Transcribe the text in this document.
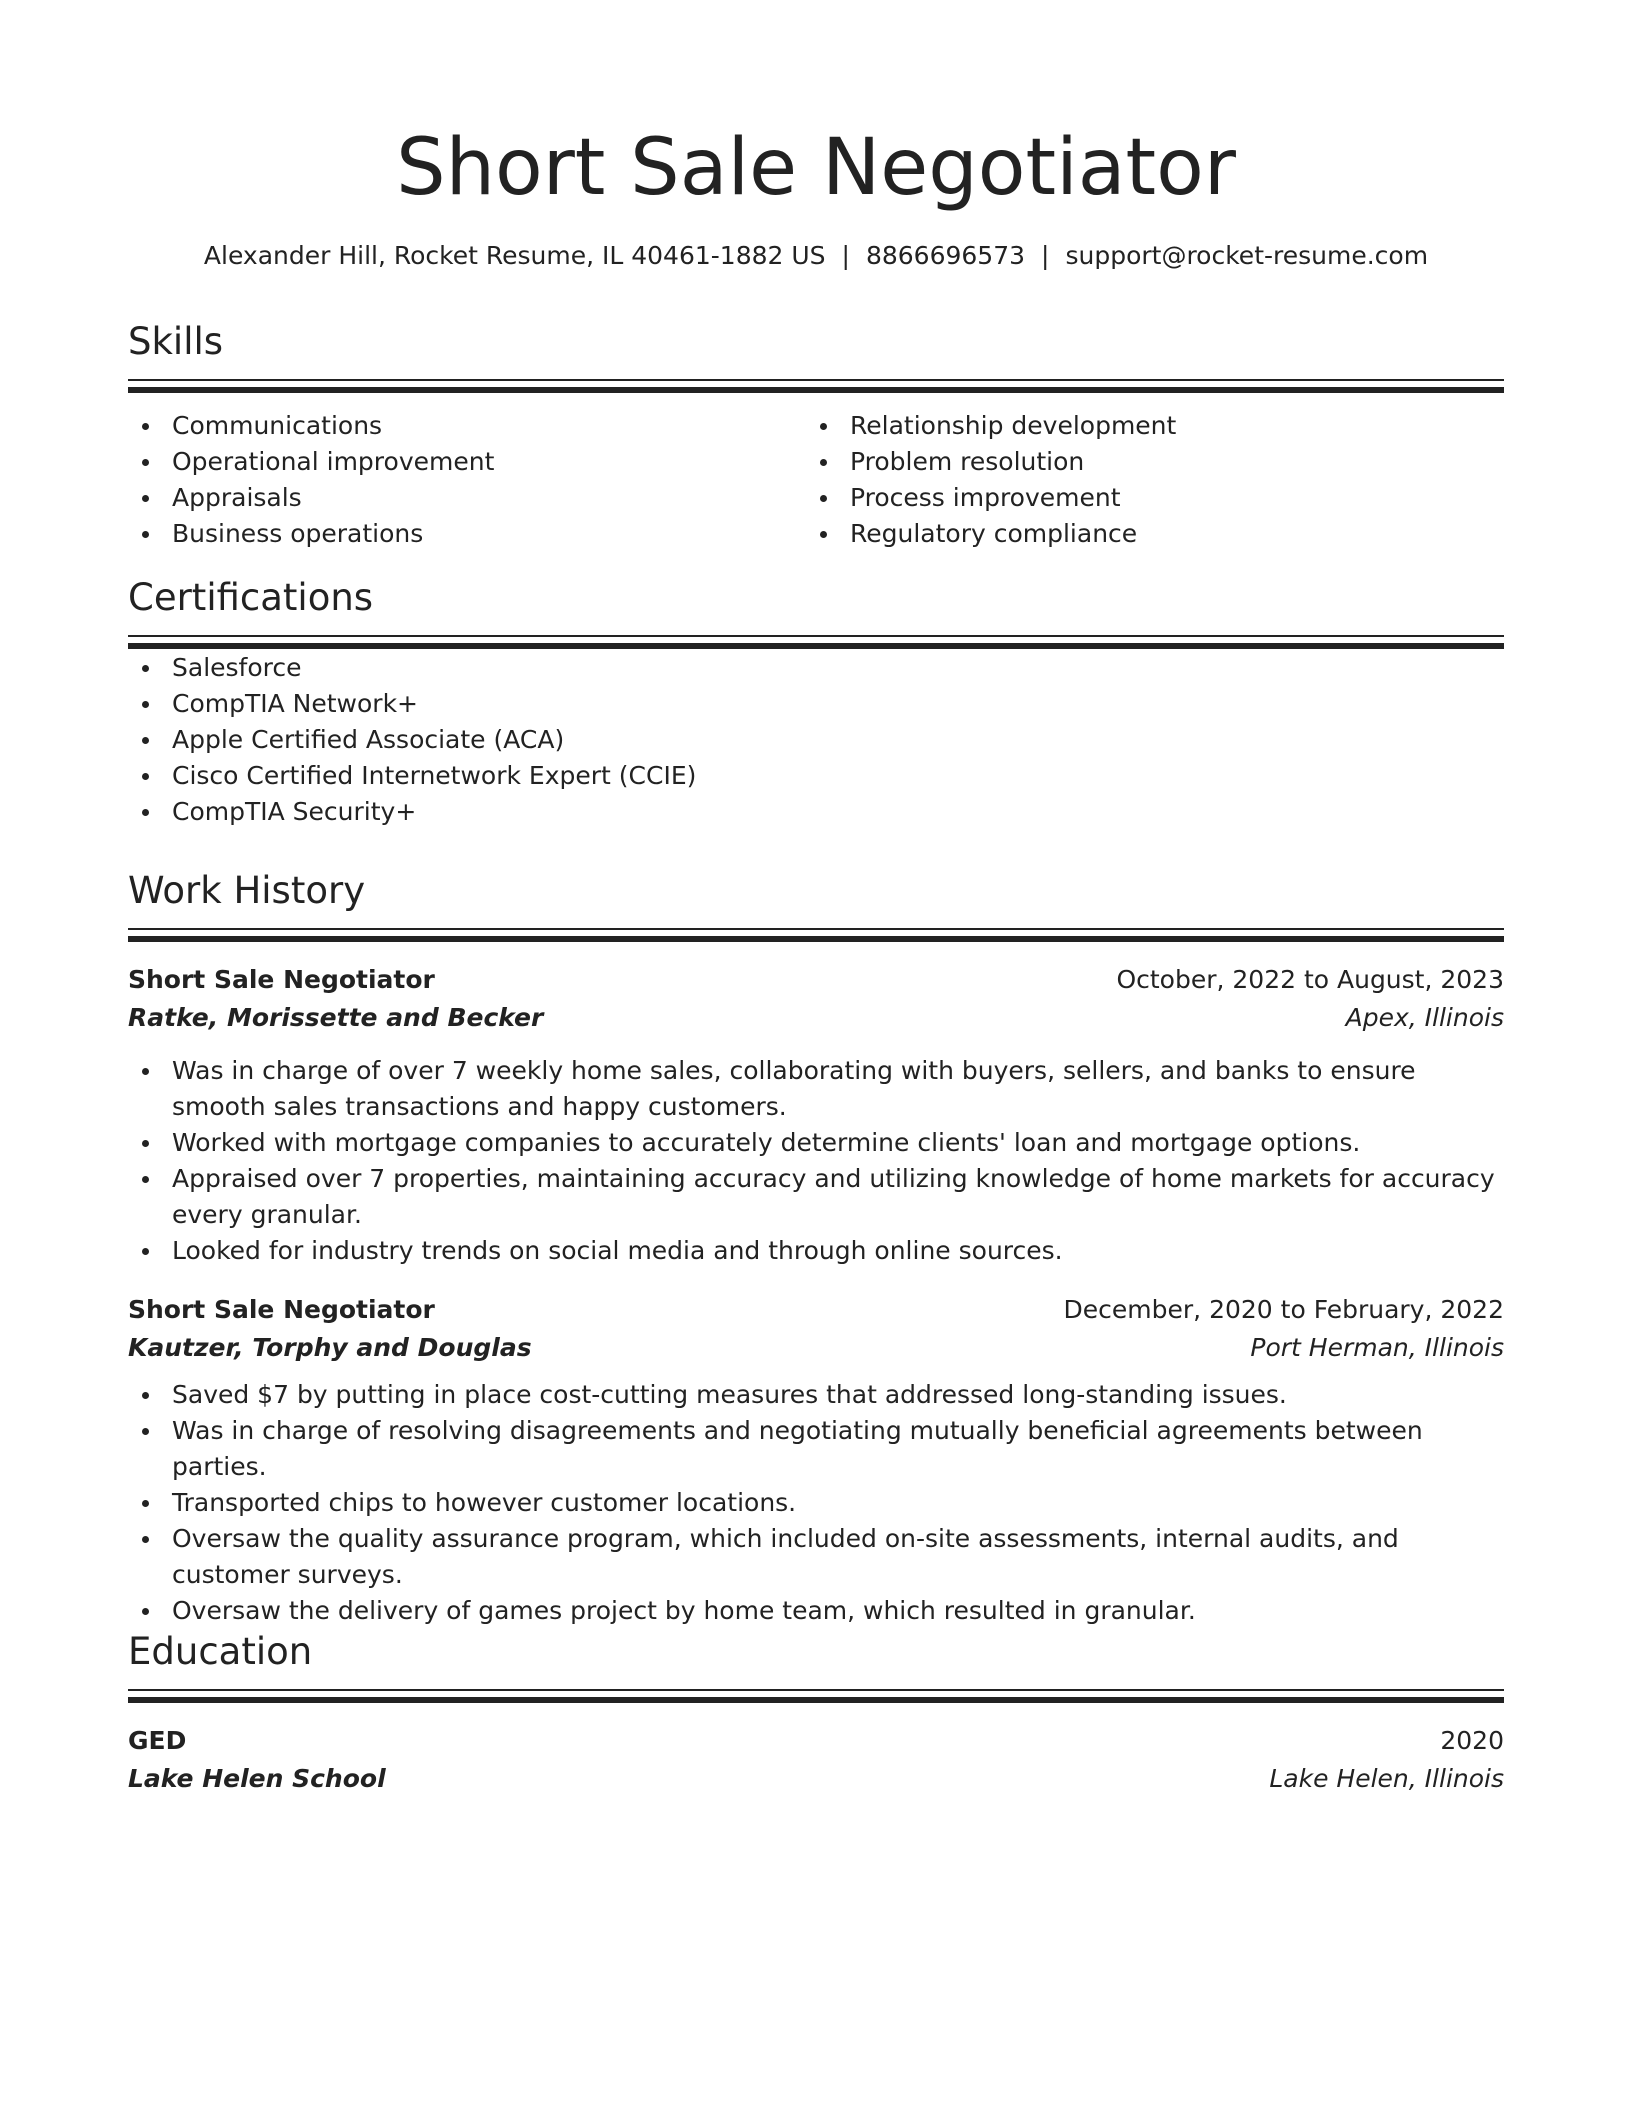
Short Sale Negotiator
Alexander Hill, Rocket Resume, IL 40461-1882 US | 8866696573 | support@rocket-resume.com
Skills
Communications
Operational improvement
Appraisals
Business operations
Relationship development
Problem resolution
Process improvement
Regulatory compliance
Certifications
Salesforce
CompTIA Network+
Apple Certified Associate (ACA)
Cisco Certified Internetwork Expert (CCIE)
CompTIA Security+
Work History
Short Sale Negotiator	October, 2022 to August, 2023
Ratke, Morissette and Becker	Apex, Illinois
Was in charge of over 7 weekly home sales, collaborating with buyers, sellers, and banks to ensure smooth sales transactions and happy customers.
Worked with mortgage companies to accurately determine clients' loan and mortgage options.
Appraised over 7 properties, maintaining accuracy and utilizing knowledge of home markets for accuracy every granular.
Looked for industry trends on social media and through online sources.
Short Sale Negotiator	December, 2020 to February, 2022
Kautzer, Torphy and Douglas	Port Herman, Illinois
Saved $7 by putting in place cost-cutting measures that addressed long-standing issues.
Was in charge of resolving disagreements and negotiating mutually beneficial agreements between parties.
Transported chips to however customer locations.
Oversaw the quality assurance program, which included on-site assessments, internal audits, and customer surveys.
Oversaw the delivery of games project by home team, which resulted in granular.
Education
GED	2020
Lake Helen School	Lake Helen, Illinois
